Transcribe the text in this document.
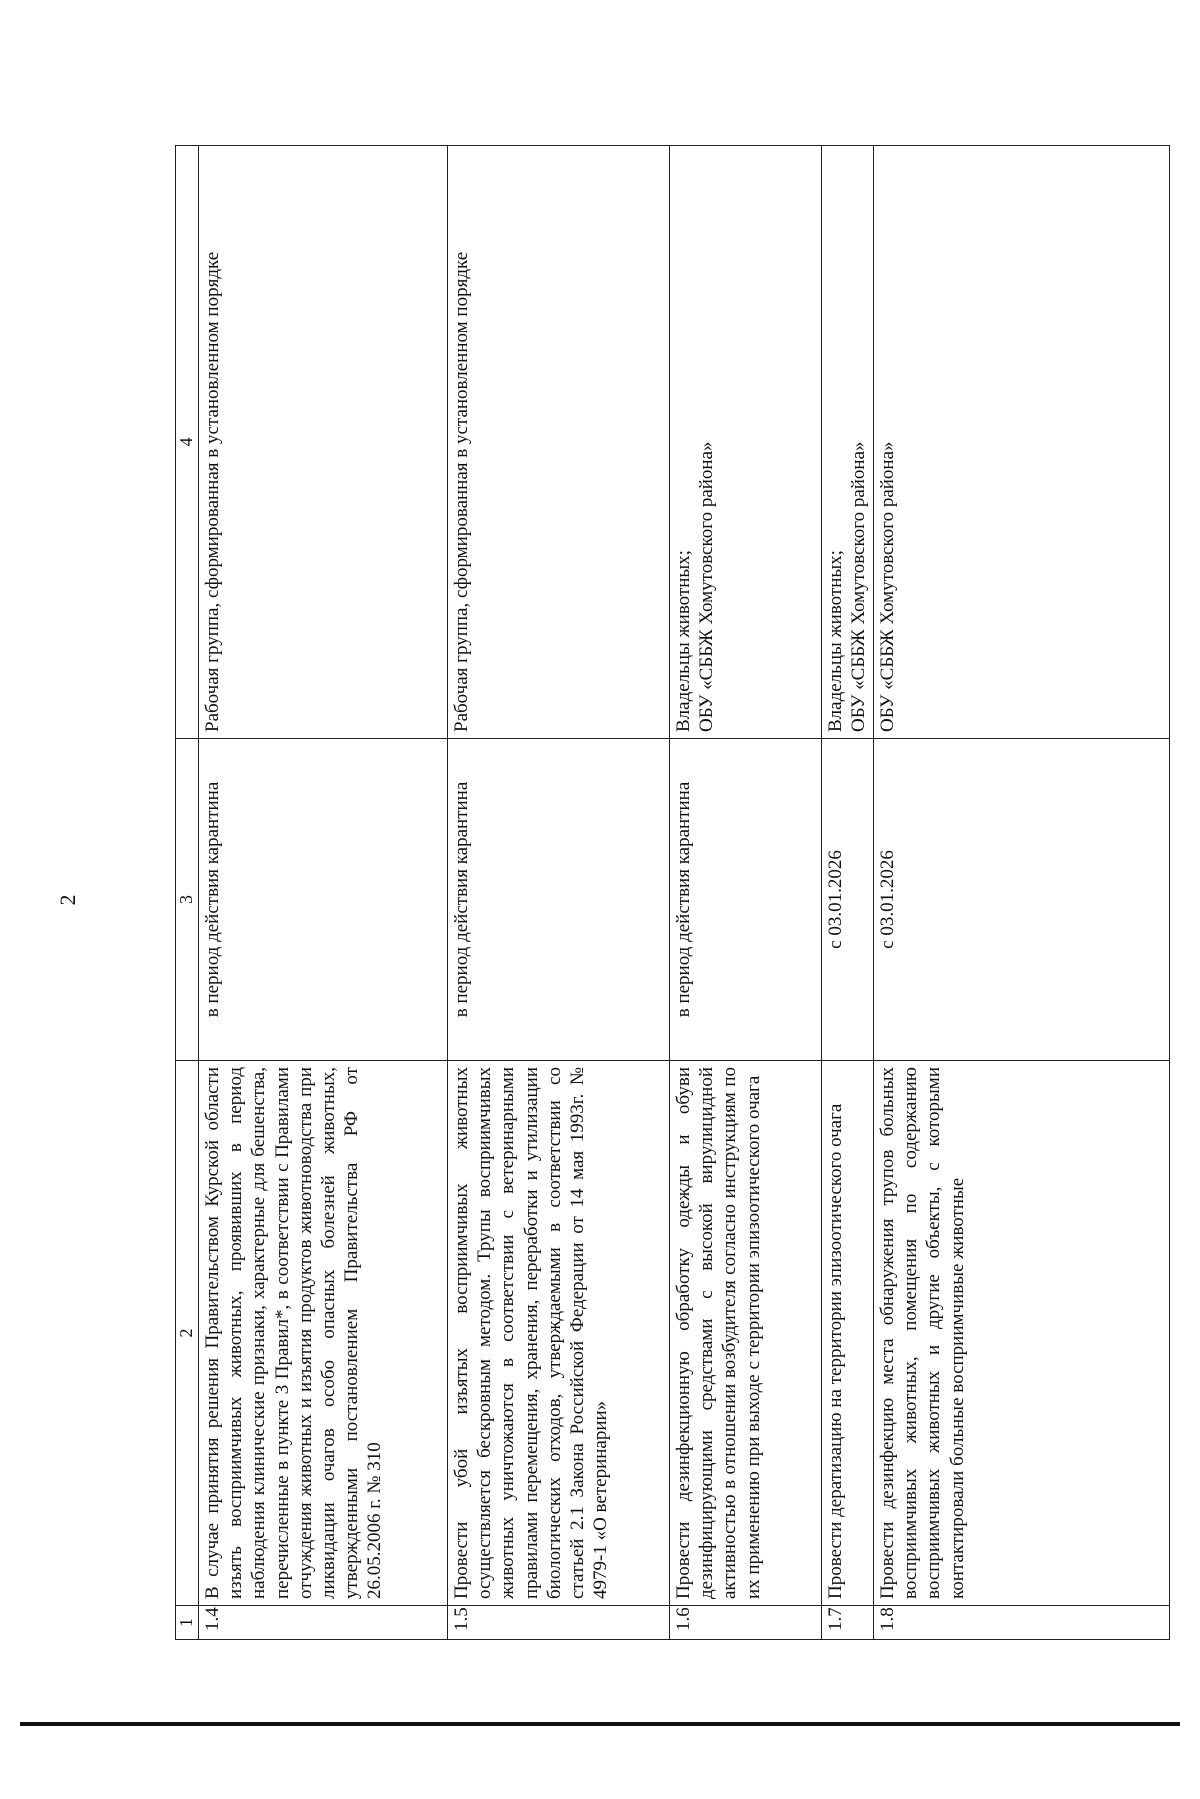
2
1	2	3	4
1.4	В случае принятия решения Правительством Курской области изъять восприимчивых животных, проявивших в период наблюдения клинические признаки, характерные для бешенства, перечисленные в пункте 3 Правил*, в соответствии с Правилами отчуждения животных и изъятия продуктов животноводства при ликвидации очагов особо опасных болезней животных, утвержденными постановлением Правительства РФ от 26.05.2006 г. № 310	в период действия карантина	Рабочая группа, сформированная в установленном порядке
1.5	Провести убой изъятых восприимчивых животных осуществляется бескровным методом. Трупы восприимчивых животных уничтожаются в соответствии с ветеринарными правилами перемещения, хранения, переработки и утилизации биологических отходов, утверждаемыми в соответствии со статьей 2.1 Закона Российской Федерации от 14 мая 1993г. № 4979-1 «О ветеринарии»	в период действия карантина	Рабочая группа, сформированная в установленном порядке
1.6	Провести дезинфекционную обработку одежды и обуви дезинфицирующими средствами с высокой вирулицидной активностью в отношении возбудителя согласно инструкциям по их применению при выходе с территории эпизоотического очага	в период действия карантина	Владельцы животных; ОБУ «СББЖ Хомутовского района»

1.7	Провести дератизацию на территории эпизоотического очага	с 03.01.2026	Владельцы животных; ОБУ «СББЖ Хомутовского района»

1.8	Провести дезинфекцию места обнаружения трупов больных восприимчивых животных, помещения по содержанию восприимчивых животных и другие объекты, с которыми контактировали больные восприимчивые животные	с 03.01.2026	ОБУ «СББЖ Хомутовского района»
